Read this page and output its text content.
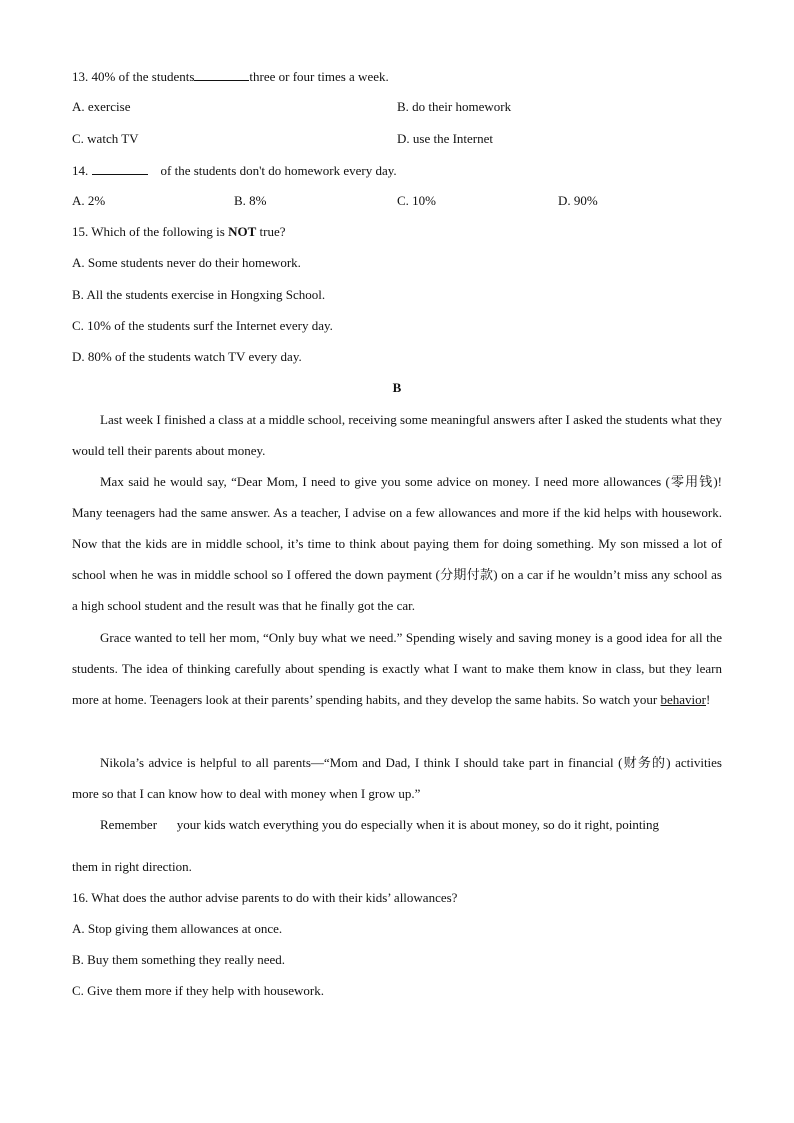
13. 40% of the students	three or four times a week.
A. exercise	B. do their homework
C. watch TV	D. use the Internet
14.	of the students don't do homework every day.
A. 2%	B. 8%	C. 10%	D. 90%
15. Which of the following is NOT true?
A. Some students never do their homework.
B. All the students exercise in Hongxing School.
C. 10% of the students surf the Internet every day.
D. 80% of the students watch TV every day.
B
Last week I finished a class at a middle school, receiving some meaningful answers after I asked the students what they would tell their parents about money.
Max said he would say, “Dear Mom, I need to give you some advice on money. I need more allowances (零用钱)! Many teenagers had the same answer. As a teacher, I advise on a few allowances and more if the kid helps with housework. Now that the kids are in middle school, it’s time to think about paying them for doing something. My son missed a lot of school when he was in middle school so I offered the down payment (分期付款) on a car if he wouldn’t miss any school as a high school student and the result was that he finally got the car.
Grace wanted to tell her mom, “Only buy what we need.” Spending wisely and saving money is a good idea for all the students. The idea of thinking carefully about spending is exactly what I want to make them know in class, but they learn more at home. Teenagers look at their parents’ spending habits, and they develop the same habits. So watch your behavior!
Nikola’s advice is helpful to all parents—“Mom and Dad, I think I should take part in financial (财务的) activities more so that I can know how to deal with money when I grow up.”
Remember your kids watch everything you do especially when it is about money, so do it right, pointing
them in right direction.
16. What does the author advise parents to do with their kids’ allowances?
A. Stop giving them allowances at once.
B. Buy them something they really need.
C. Give them more if they help with housework.
